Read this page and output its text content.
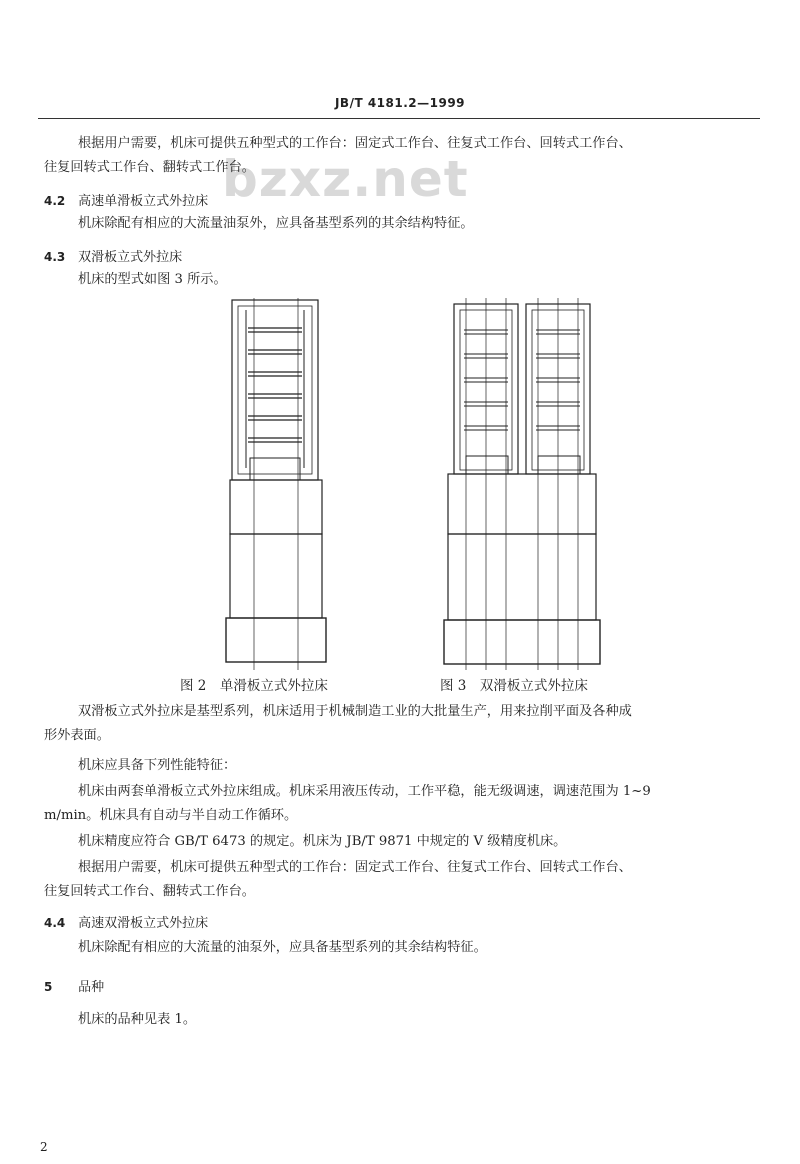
JB/T 4181.2—1999
bzxz.net
根据用户需要，机床可提供五种型式的工作台：固定式工作台、往复式工作台、回转式工作台、
往复回转式工作台、翻转式工作台。
4.2 高速单滑板立式外拉床
机床除配有相应的大流量油泵外，应具备基型系列的其余结构特征。
4.3 双滑板立式外拉床
机床的型式如图 3 所示。
图 2　单滑板立式外拉床	图 3　双滑板立式外拉床
双滑板立式外拉床是基型系列，机床适用于机械制造工业的大批量生产，用来拉削平面及各种成
形外表面。
机床应具备下列性能特征：
机床由两套单滑板立式外拉床组成。机床采用液压传动，工作平稳，能无级调速，调速范围为 1~9
m/min。机床具有自动与半自动工作循环。
机床精度应符合 GB/T 6473 的规定。机床为 JB/T 9871 中规定的 V 级精度机床。
根据用户需要，机床可提供五种型式的工作台：固定式工作台、往复式工作台、回转式工作台、
往复回转式工作台、翻转式工作台。
4.4 高速双滑板立式外拉床
机床除配有相应的大流量的油泵外，应具备基型系列的其余结构特征。
5 品种
机床的品种见表 1。
2
